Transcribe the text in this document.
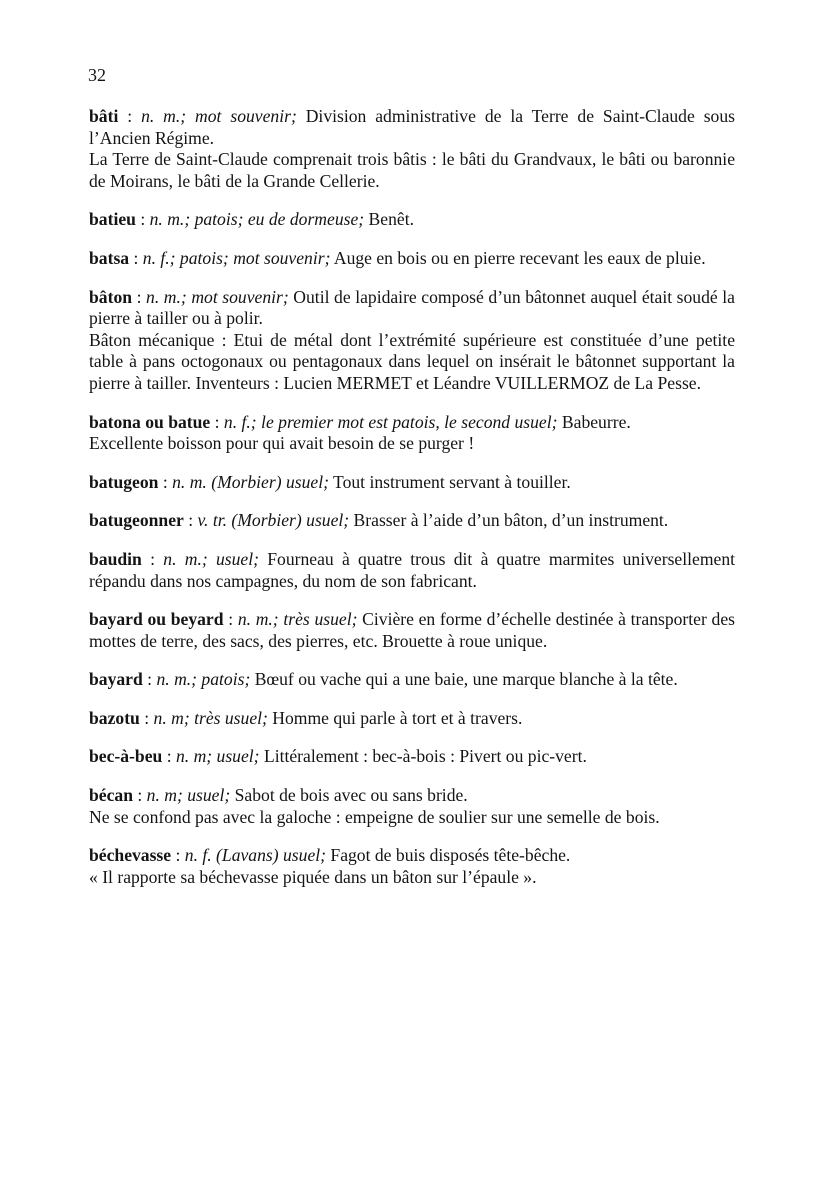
32

bâti : n. m.; mot souvenir; Division administrative de la Terre de Saint-Claude sous l’Ancien Régime.

La Terre de Saint-Claude comprenait trois bâtis : le bâti du Grandvaux, le bâti ou baronnie de Moirans, le bâti de la Grande Cellerie.

batieu : n. m.; patois; eu de dormeuse; Benêt.

batsa : n. f.; patois; mot souvenir; Auge en bois ou en pierre recevant les eaux de pluie.

bâton : n. m.; mot souvenir; Outil de lapidaire composé d’un bâtonnet auquel était soudé la pierre à tailler ou à polir.

Bâton mécanique : Etui de métal dont l’extrémité supérieure est constituée d’une petite table à pans octogonaux ou pentagonaux dans lequel on insérait le bâtonnet supportant la pierre à tailler. Inventeurs : Lucien MERMET et Léandre VUILLERMOZ de La Pesse.

batona ou batue : n. f.; le premier mot est patois, le second usuel; Babeurre.

Excellente boisson pour qui avait besoin de se purger !

batugeon : n. m. (Morbier) usuel; Tout instrument servant à touiller.

batugeonner : v. tr. (Morbier) usuel; Brasser à l’aide d’un bâton, d’un instrument.

baudin : n. m.; usuel; Fourneau à quatre trous dit à quatre marmites universellement répandu dans nos campagnes, du nom de son fabricant.

bayard ou beyard : n. m.; très usuel; Civière en forme d’échelle destinée à transporter des mottes de terre, des sacs, des pierres, etc. Brouette à roue unique.

bayard : n. m.; patois; Bœuf ou vache qui a une baie, une marque blanche à la tête.

bazotu : n. m; très usuel; Homme qui parle à tort et à travers.

bec-à-beu : n. m; usuel; Littéralement : bec-à-bois : Pivert ou pic-vert.

bécan : n. m; usuel; Sabot de bois avec ou sans bride.

Ne se confond pas avec la galoche : empeigne de soulier sur une semelle de bois.

béchevasse : n. f. (Lavans) usuel; Fagot de buis disposés tête-bêche.

« Il rapporte sa béchevasse piquée dans un bâton sur l’épaule ».
